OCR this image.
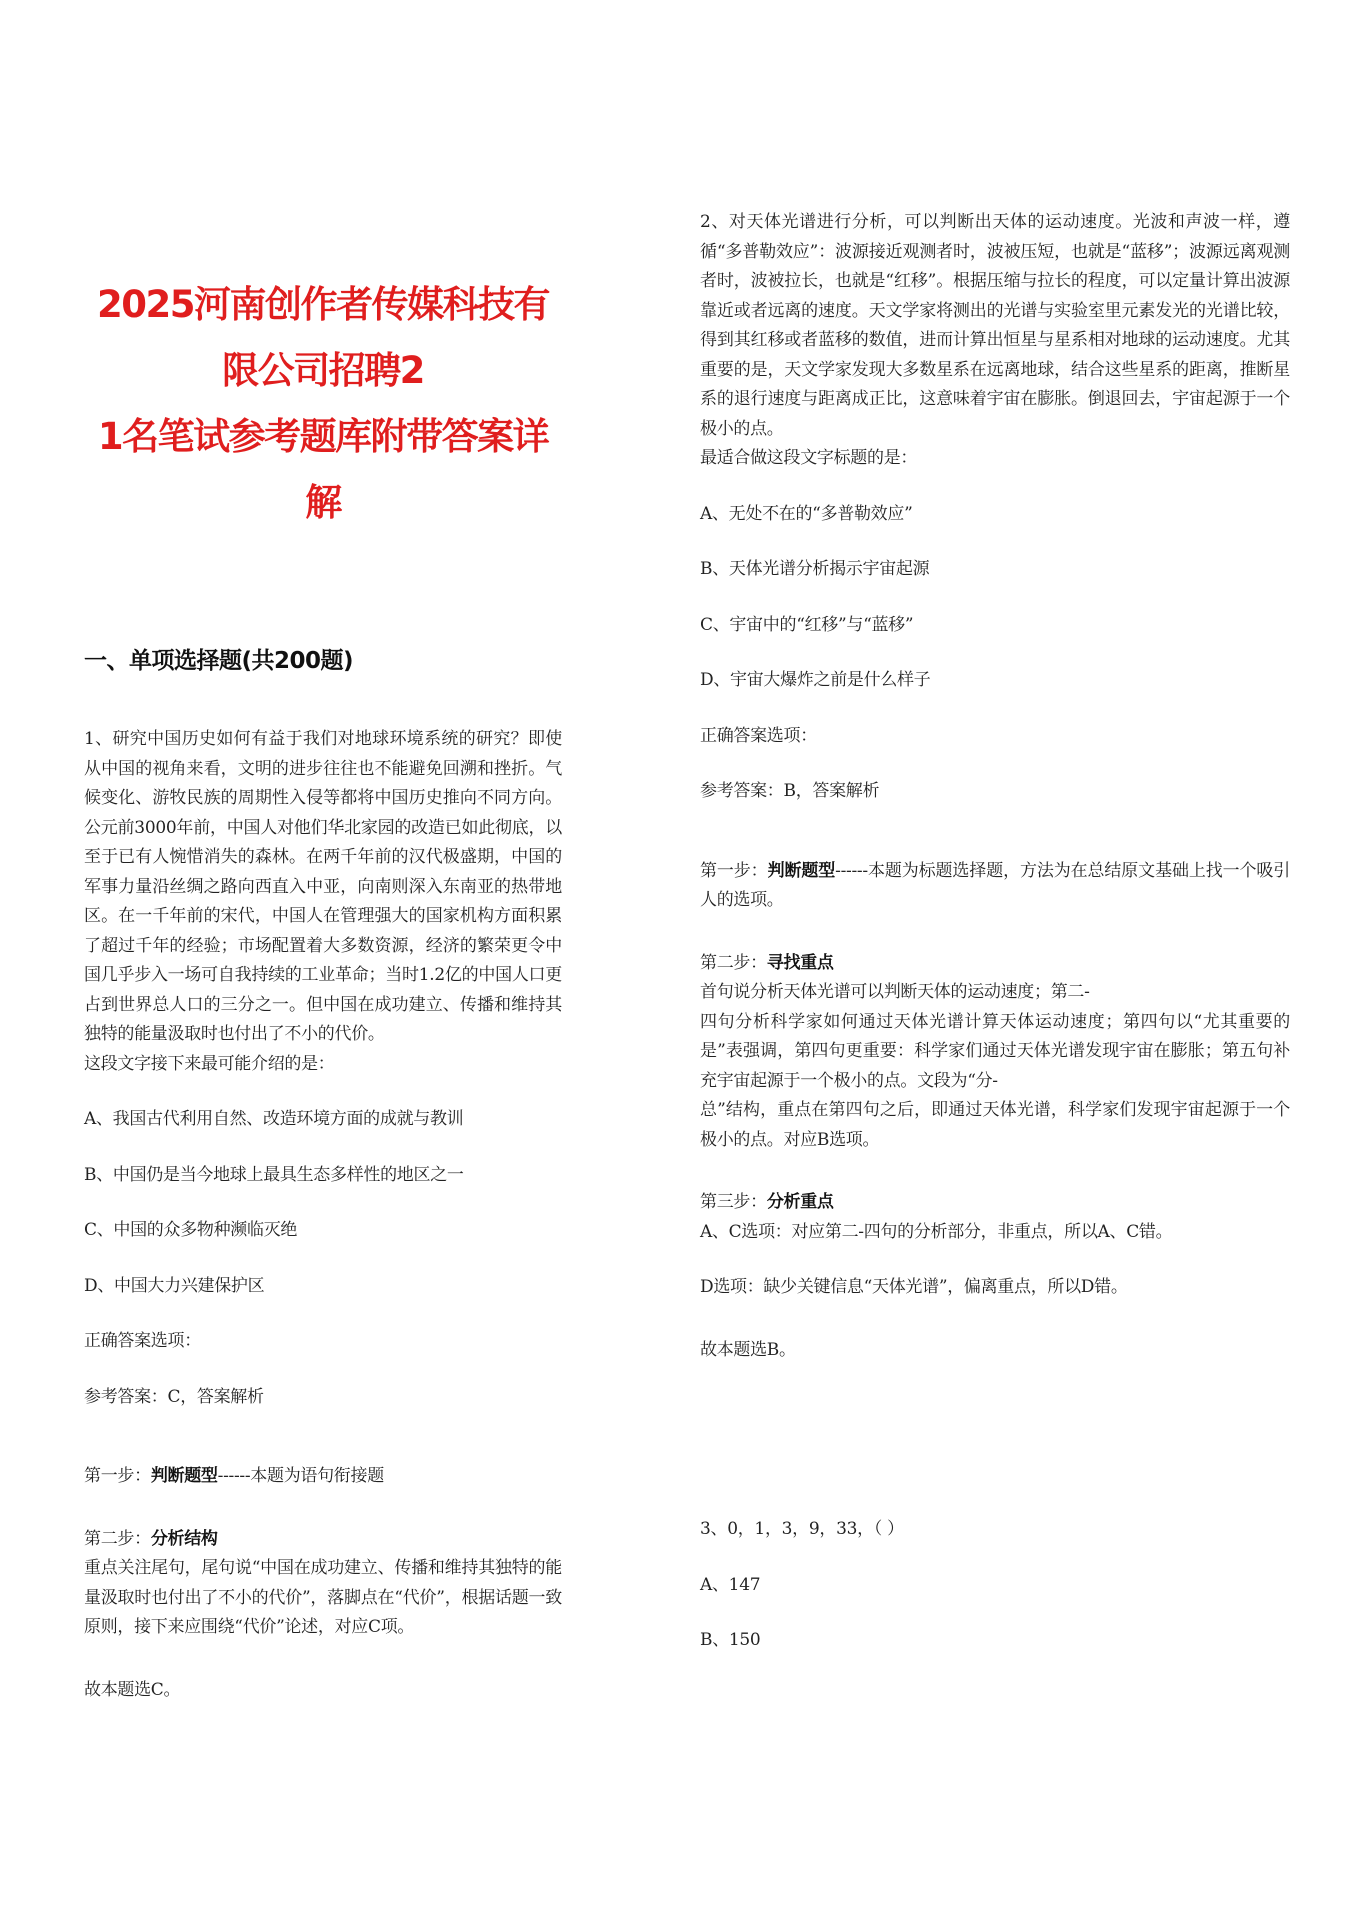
2025河南创作者传媒科技有限公司招聘2
1名笔试参考题库附带答案详解
一、单项选择题(共200题)

1、研究中国历史如何有益于我们对地球环境系统的研究？即使从中国的视角来看，文明的进步往往也不能避免回溯和挫折。气候变化、游牧民族的周期性入侵等都将中国历史推向不同方向。公元前3000年前，中国人对他们华北家园的改造已如此彻底，以至于已有人惋惜消失的森林。在两千年前的汉代极盛期，中国的军事力量沿丝绸之路向西直入中亚，向南则深入东南亚的热带地区。在一千年前的宋代，中国人在管理强大的国家机构方面积累了超过千年的经验；市场配置着大多数资源，经济的繁荣更令中国几乎步入一场可自我持续的工业革命；当时1.2亿的中国人口更占到世界总人口的三分之一。但中国在成功建立、传播和维持其独特的能量汲取时也付出了不小的代价。

这段文字接下来最可能介绍的是：

A、我国古代利用自然、改造环境方面的成就与教训

B、中国仍是当今地球上最具生态多样性的地区之一

C、中国的众多物种濒临灭绝

D、中国大力兴建保护区

正确答案选项：

参考答案：C，答案解析

第一步：判断题型------本题为语句衔接题

第二步：分析结构

重点关注尾句，尾句说“中国在成功建立、传播和维持其独特的能量汲取时也付出了不小的代价”，落脚点在“代价”，根据话题一致原则，接下来应围绕“代价”论述，对应C项。

故本题选C。

2、对天体光谱进行分析，可以判断出天体的运动速度。光波和声波一样，遵循“多普勒效应”：波源接近观测者时，波被压短，也就是“蓝移”；波源远离观测者时，波被拉长，也就是“红移”。根据压缩与拉长的程度，可以定量计算出波源靠近或者远离的速度。天文学家将测出的光谱与实验室里元素发光的光谱比较，得到其红移或者蓝移的数值，进而计算出恒星与星系相对地球的运动速度。尤其重要的是，天文学家发现大多数星系在远离地球，结合这些星系的距离，推断星系的退行速度与距离成正比，这意味着宇宙在膨胀。倒退回去，宇宙起源于一个极小的点。

最适合做这段文字标题的是：

A、无处不在的“多普勒效应”

B、天体光谱分析揭示宇宙起源

C、宇宙中的“红移”与“蓝移”

D、宇宙大爆炸之前是什么样子

正确答案选项：

参考答案：B，答案解析

第一步：判断题型------本题为标题选择题，方法为在总结原文基础上找一个吸引人的选项。

第二步：寻找重点

首句说分析天体光谱可以判断天体的运动速度；第二-

四句分析科学家如何通过天体光谱计算天体运动速度；第四句以“尤其重要的是”表强调，第四句更重要：科学家们通过天体光谱发现宇宙在膨胀；第五句补充宇宙起源于一个极小的点。文段为“分-

总”结构，重点在第四句之后，即通过天体光谱，科学家们发现宇宙起源于一个极小的点。对应B选项。

第三步：分析重点

A、C选项：对应第二-四句的分析部分，非重点，所以A、C错。

D选项：缺少关键信息“天体光谱”，偏离重点，所以D错。

故本题选B。

3、0，1，3，9，33，（ ）

A、147

B、150
